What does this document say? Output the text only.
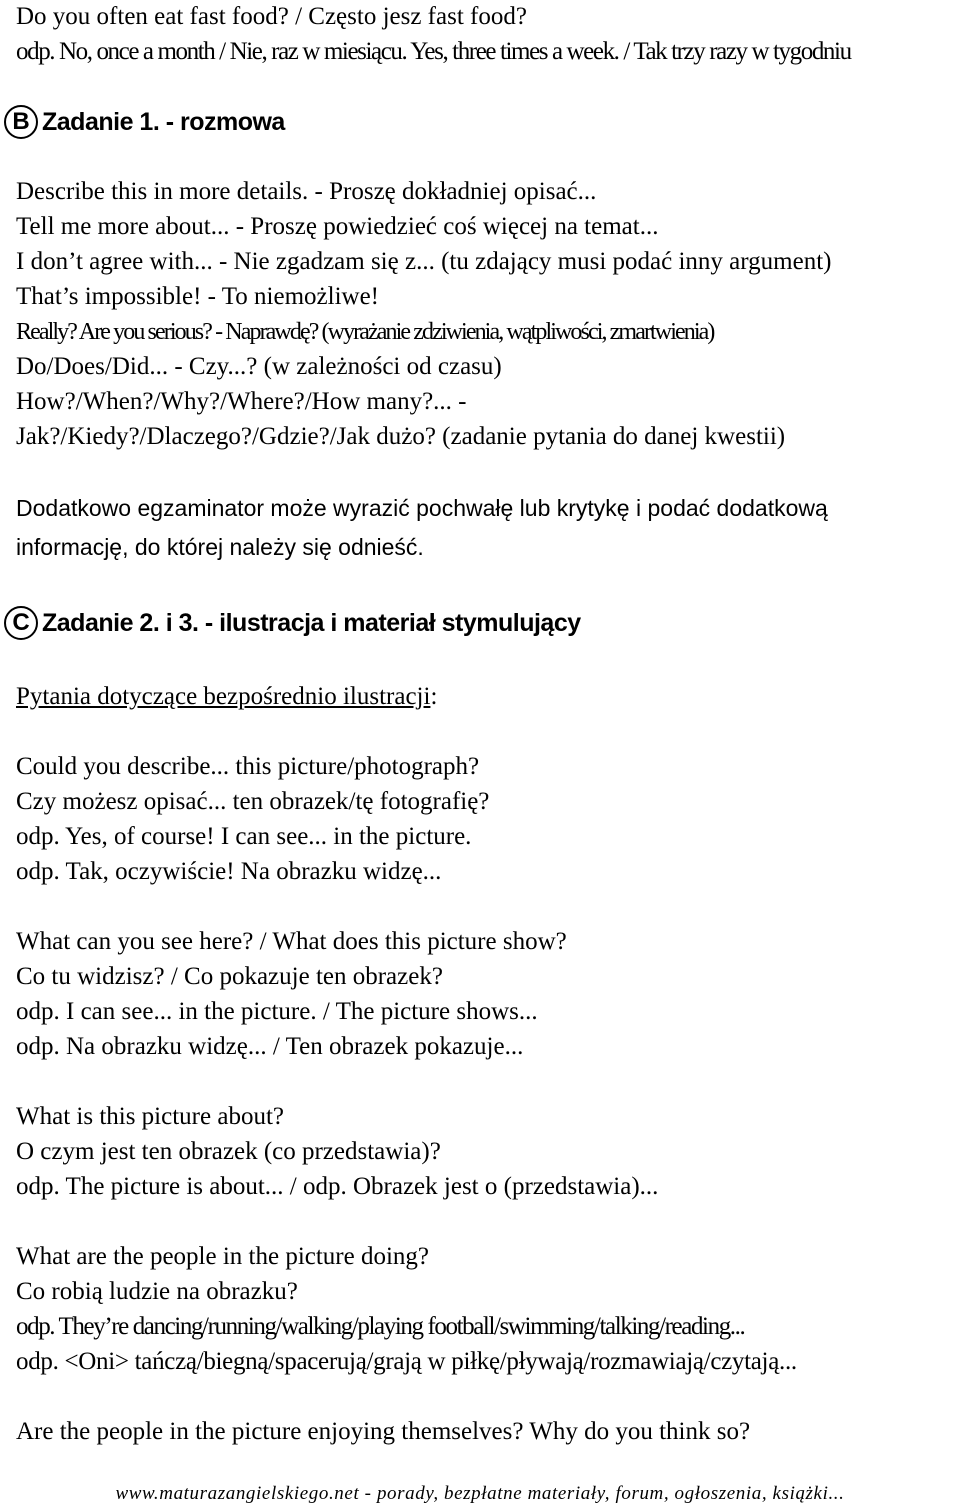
Do you often eat fast food? / Często jesz fast food?
odp. No, once a month / Nie, raz w miesiącu. Yes, three times a week. / Tak trzy razy w tygodniu
B Zadanie 1. - rozmowa
Describe this in more details. - Proszę dokładniej opisać...
Tell me more about... - Proszę powiedzieć coś więcej na temat...
I don’t agree with... - Nie zgadzam się z... (tu zdający musi podać inny argument)
That’s impossible! - To niemożliwe!
Really? Are you serious? - Naprawdę? (wyrażanie zdziwienia, wątpliwości, zmartwienia)
Do/Does/Did... - Czy...? (w zależności od czasu)
How?/When?/Why?/Where?/How many?... -
Jak?/Kiedy?/Dlaczego?/Gdzie?/Jak dużo? (zadanie pytania do danej kwestii)
Dodatkowo egzaminator może wyrazić pochwałę lub krytykę i podać dodatkową
informację, do której należy się odnieść.
C Zadanie 2. i 3. - ilustracja i materiał stymulujący
Pytania dotyczące bezpośrednio ilustracji:
Could you describe... this picture/photograph?
Czy możesz opisać... ten obrazek/tę fotografię?
odp. Yes, of course! I can see... in the picture.
odp. Tak, oczywiście! Na obrazku widzę...
What can you see here? / What does this picture show?
Co tu widzisz? / Co pokazuje ten obrazek?
odp. I can see... in the picture. / The picture shows...
odp. Na obrazku widzę... / Ten obrazek pokazuje...
What is this picture about?
O czym jest ten obrazek (co przedstawia)?
odp. The picture is about... / odp. Obrazek jest o (przedstawia)...
What are the people in the picture doing?
Co robią ludzie na obrazku?
odp. They’re dancing/running/walking/playing football/swimming/talking/reading...
odp. <Oni> tańczą/biegną/spacerują/grają w piłkę/pływają/rozmawiają/czytają...
Are the people in the picture enjoying themselves? Why do you think so?
www.maturazangielskiego.net - porady, bezpłatne materiały, forum, ogłoszenia, książki...
